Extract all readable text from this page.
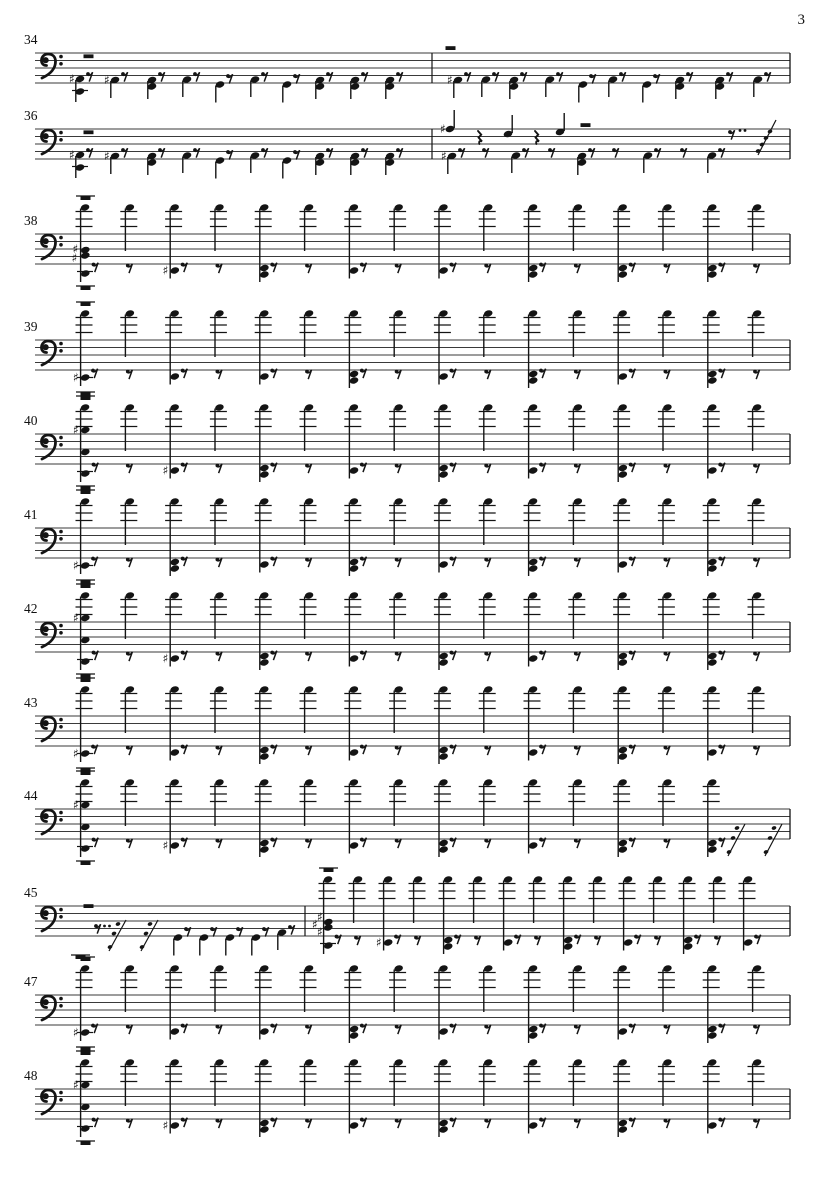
3
34
♯ ♯	♯
36
♯ ♯
♯
♯
38
♯
♯
♯
39
♯
40
♯
♯
41
♯
42
♯
♯
43
♯
44
♯
♯
45
♯
♯
♯
♯
47
♯
48
♯
♯
